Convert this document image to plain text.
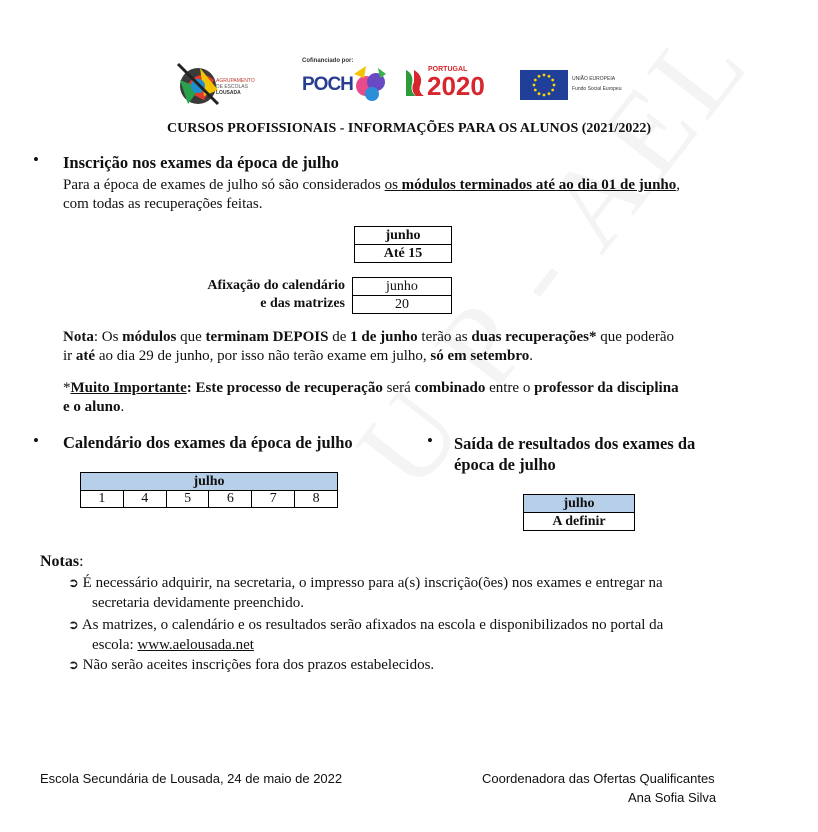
AGRUPAMENTO
DE ESCOLAS
LOUSADA
Cofinanciado por:
POCH
PORTUGAL
2020	UNIÃO EUROPEIA
Fundo Social Europeu
CURSOS PROFISSIONAIS - INFORMAÇÕES PARA OS ALUNOS (2021/2022)
• Inscrição nos exames da época de julho
Para a época de exames de julho só são considerados os módulos terminados até ao dia 01 de junho,
com todas as recuperações feitas.
junho
Até 15
Afixação do calendário
e das matrizes
junho
20
Nota: Os módulos que terminam DEPOIS de 1 de junho terão as duas recuperações* que poderão
ir até ao dia 29 de junho, por isso não terão exame em julho, só em setembro.
*Muito Importante: Este processo de recuperação será combinado entre o professor da disciplina
e o aluno.
• Calendário dos exames da época de julho
julho
1	4	5	6	7	8
• Saída de resultados dos exames da
época de julho
julho
A definir
Notas:
➲ É necessário adquirir, na secretaria, o impresso para a(s) inscrição(ões) nos exames e entregar na
secretaria devidamente preenchido.
➲ As matrizes, o calendário e os resultados serão afixados na escola e disponibilizados no portal da
escola: www.aelousada.net
➲ Não serão aceites inscrições fora dos prazos estabelecidos.
Escola Secundária de Lousada, 24 de maio de 2022	Coordenadora das Ofertas Qualificantes
Ana Sofia Silva
